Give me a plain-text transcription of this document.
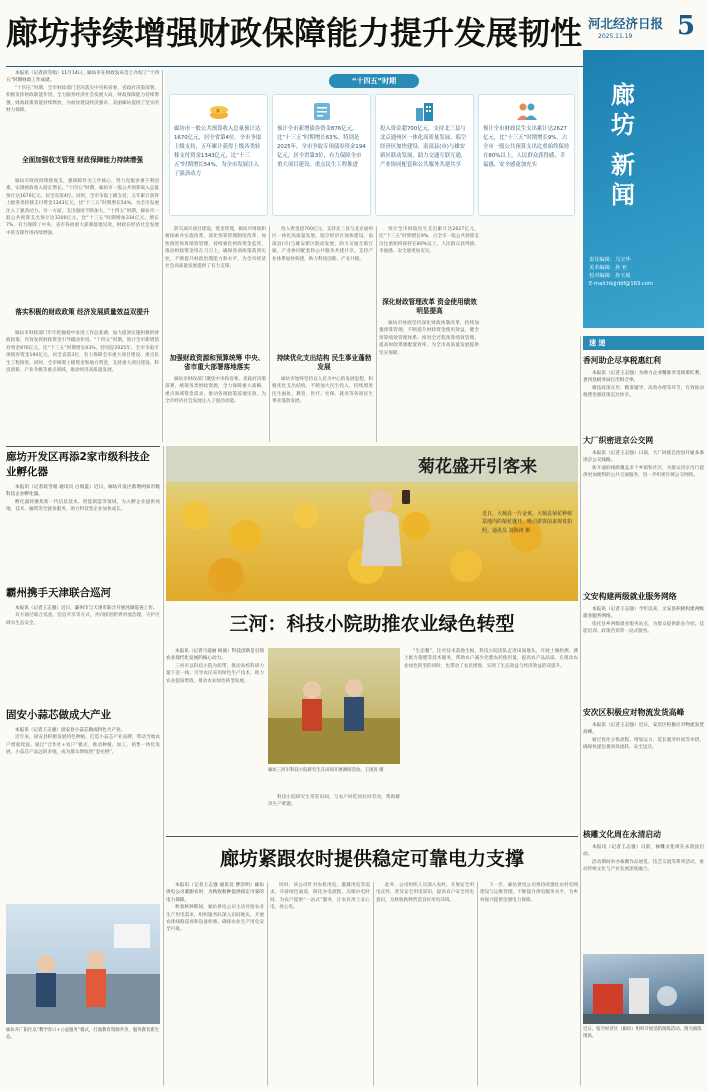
廊坊持续增强财政保障能力提升发展韧性 河北经济日报 5
2025.11.19

本报讯（记者段雪娟）11月14日，廊坊市在财政发布会上介绍了“十四五”时期财政工作成就。

“十四五”时期，全市财政部门坚决落实中央和省委、省政府决策部署，积极发挥财政职能作用，全力服务经济社会发展大局，财政保障能力持续增强，财政政策效能持续释放，为加快建设经济强市、美丽廊坊提供了坚实的财力保障。

全面加强收支管理 财政保障能力持续增强

廊坊市财政持续抓收支，强保障作为工作核心，努力克服多重不利因素，实现财政收入稳定增长。“十四五”时期，廊坊市一般公共预算收入总量预计达1670亿元，居全省第4位。同时，全市争取上级支持，五年累计获得上级各类转移支付资金1343亿元，比“十三五”时期增长54%，为全市发展注入了强劲动力。另一方面，支出强度不断加大，“十四五”时期，廊坊市一般公共预算支出预计达3200亿元，比“十三五”时期增加334亿元，增长7%，有力保障了中央、省市各项重大部署落地见效，财政在经济社会发展中的支撑作用持续增强。

落实积极的财政政策 经济发展质量效益双提升

廊坊市财政部门牢牢把握稳中求进工作总基调，加力提效实施积极的财政政策，有效发挥财政资金引导撬动作用。“十四五”时期，预计全市新增债券资金876亿元，比“十三五”时期增长63%。特别是2025年，全市争取专项债券资金194亿元，居全省第3位，有力保障全市重大项目建设、重点民生工程推进。同时，全市统筹上级资金和地方资金，支持重大项目建设、科技创新、产业升级等重点领域，推动经济高质量发展。

“十四五”时期
¥
廊坊市一般公共预算收入总量预计达1670亿元，居全省第4位。全市争取上级支持，五年累计获得上级各类转移支付资金1343亿元，比“十三五”时期增长54%，为全市发展注入了强劲动力
预计全市新增债券资金876亿元，比“十三五”时期增长63%。特别是2025年，全市争取专项债券资金194亿元，居全省第3位，有力保障全市重大项目建设、重点民生工程推进
投入资金超700亿元，支持北三县与北京通州区一体化高质量发展、临空经济区加快建设、南部县(市)与雄安新区联动发展，助力交通互联互通，产业协同配套和公共服务共建共享
预计全市财政民生支出累计达2627亿元，比“十三五”时期增长9%，占全市一般公共预算支出比重始终保持在80%以上，人民群众获得感、幸福感、安全感更加充实

防灾减灾项目建设、资金管理，廊坊市财政积极探索并实施改革，深化预算管理制度改革，加快推进预算绩效管理，持续强化财政资金监管，推动财政资金用在刀刃上，确保各项政策落到实处，不断提升财政治理能力和水平，为全市经济社会高质量发展提供了有力支撑。

加强财政资源和预算统筹 中央、省市重大部署落地落实

廊坊市财政部门聚焦中央和省委、省政府决策部署，统筹各类财政资源，全力保障重大战略、重点领域资金需求，推动各项政策落地见效，为全市经济社会发展注入了强劲动能。

投入资金超700亿元，支持北三县与北京通州区一体化高质量发展、临空经济区加快建设、南部县(市)与雄安新区联动发展，助力交通互联互通、产业协同配套和公共服务共建共享。支持产业体系加快构建，助力科技创新、产业升级。

持续优化支出结构 民生事业蓬勃发展

廊坊市始终坚持以人民为中心的发展思想，积极优化支出结构，不断加大民生投入，持续增进民生福祉，教育、医疗、社保、就业等各项民生事业蓬勃发展。

预计全市财政民生支出累计达2627亿元，比“十三五”时期增长9%，占全市一般公共预算支出比重始终保持在80%以上，人民群众获得感、幸福感、安全感更加充实。

深化财政管理改革 资金使用绩效明显提高

廊坊市财政坚持深化财政体制改革，持续加强预算管理，不断提升财政资金使用效益，健全预算绩效管理体系，推进全过程预算绩效管理，提高财政资源配置效率，为全市高质量发展提供坚实保障。

廊
坊
新
闻
责任编辑：马宝华
美术编辑：孙 亚
校对编辑：孙玉船
E-mail:hbjjrblf@163.com
速 递
香河助企尽享税惠红利

本报讯（记者王志强）为助力企业精准享受政策红利，香河县税务局打出组合拳。

聚焦政策宣传、精准辅导、高效办理等环节，有效推动税费优惠政策直达快享。

大厂织密进京公交网

本报讯（记者王志强）日前，大厂回族自治县开通多条进京公交线路。

新开通的线路覆盖多个乡镇和社区，为群众进京出行提供更加便利的公共交通服务，进一步织密区域公交网络。

文安构建两级就业服务网络

本报讯（记者王志强）今年以来，文安县积极构建两级就业服务网络。

依托县乡两级就业服务站点，为群众提供职业介绍、技能培训、政策咨询等一站式服务。

安次区积极应对物流发货高峰

本报讯（记者王志强）近日，安次区积极应对物流发货高峰。

通过优化分拣流程、增加运力、延长服务时间等举措，确保快递包裹高效流转、安全送达。

核雕文化周在永清启动

本报讯（记者王志强）日前，核雕文化周在永清县启动。

活动期间举办核雕作品展览、技艺交流等系列活动，推动传统文化与产业发展深度融合。

近日，临空经济区（廊坊）组织开展消防演练活动。图为演练现场。
廊坊开发区再添2家市级科技企业孵化器

本报讯（记者段雪娟 通讯员 白海蓝）近日，廊坊开发区新增两家市级科技企业孵化器。

孵化器将聚焦新一代信息技术、智能制造等领域，为入孵企业提供场地、技术、融资等全链条服务，助力科技型企业加快成长。

霸州携手天津联合巡河

本报讯（记者王志强）近日，霸州市与天津市联合开展河湖巡查工作。

双方通过联合巡查、信息共享等方式，共同推进跨界河流治理，守护区域水生态安全。

固安小蒜芯做成大产业

本报讯（记者王志强）固安县小蒜芯做成特色大产业。

近年来，固安县积极发展特色种植，打造小蒜芯产业品牌，带动当地农户增收致富。通过“合作社+农户”模式，推动种植、加工、销售一体化发展，小蒜芯产品远销多地，成为群众增收的“金疙瘩”。

廊坊开广阳区以“教学育口+公益服务”模式，打通教育资源共享，服务教育新生态。
菊花盛开引客来
近日，大城县一片金黄，大城县菊花种植基地内的菊花盛开，吸引游客前来观赏拍照。通讯员 刘海涛 摄
三河：科技小院助推农业绿色转型

本报讯（记者马爱丽 杨波）科技创新是引领农业现代化发展的核心动力。

三河市以科技小院为纽带，推动高校科研力量下沉一线，引导农民采用绿色生产技术，助力农业提质增效，推动农业绿色转型发展。

廊坊三河市科技小院研究生在田间开展调研活动。王国涛 摄

科技小院研究生常驻田间，与农户同吃同住同劳动，帮助解决生产难题。

“生态餐”。比对技术落地生根，科技小院团队走进田间地头，开展土壤检测、测土配方施肥等技术服务，帮助农户减少化肥农药使用量，提高农产品品质。在推动农业绿色转型的同时，也带动了农民增收，实现了生态效益与经济效益的双提升。

廊坊紧跟农时提供稳定可靠电力支撑

本报讯（记者王志强 通讯员 曹浩明）廊坊供电公司紧跟农时，为秋收秋种提供稳定可靠的电力保障。

秋收秋种期间，廊坊供电公司主动对接农业生产用电需求，组织服务队深入田间地头，开展农排线路巡视和设备检修，确保农业生产用电安全可靠。

同时，该公司针对农机用电、灌溉用电等需求，开辟绿色通道，简化办电流程，压缩办电时间，为农户提供“一站式”服务，让农民用上安心电、放心电。

此外，公司组织人员深入农村，开展安全用电宣传，普及安全用电知识，提高农户安全用电意识，为秋收秋种营造良好用电环境。

下一步，廊坊供电公司将持续强化农村电网建设与运维管理，不断提升供电服务水平，为乡村振兴提供坚强电力保障。
